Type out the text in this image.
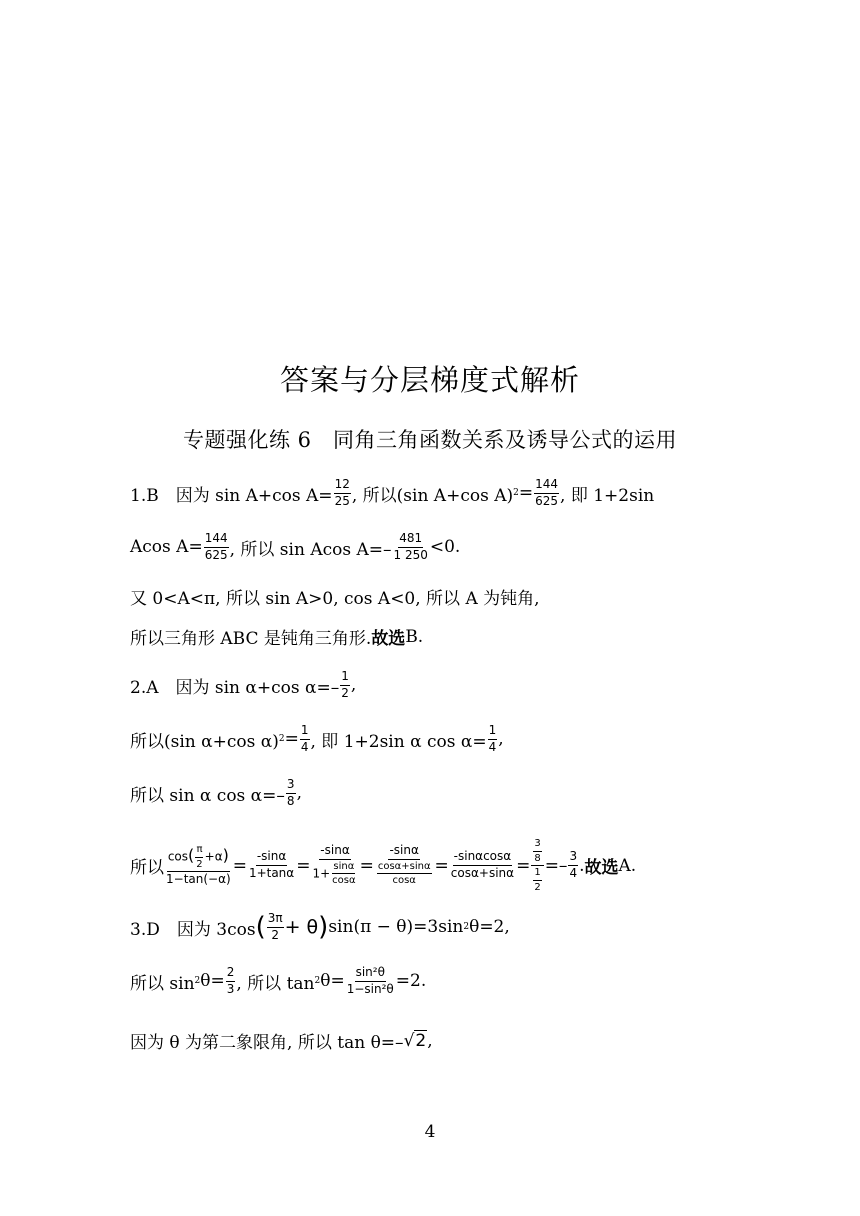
答案与分层梯度式解析
专题强化练 6　同角三角函数关系及诱导公式的运用
1.B　因为 sin A+cos $A= \frac{12}{25}$ , 所以(sin A+cos A) $2 = \frac{144}{625}$ , 即 1+2sin
Acos $A= \frac{144}{625}$ , 所以 sin Acos $A=- \frac{481}{1 250} <0$.
又 0<A<π, 所以 sin A>0, cos A<0, 所以 A 为钝角,
所以三角形 ABC 是钝角三角形. 故选 B.
2.A　因为 sin α+cos $\alpha=- \frac{1}{2}$ ,
所以(sin α+cos α) $2 = \frac{1}{4}$ , 即 1+2sin α $\cos \alpha= \frac{1}{4}$ ,
所以 sin α $\cos \alpha=- \frac{3}{8}$ ,
所以 $\frac{\cos( \frac{\pi}{2} +\alpha)}{1-\tan(-\alpha)} = \frac{-\sin\alpha}{1+\tan\alpha} = \frac{-\sin\alpha}{1+ \frac{\sin\alpha}{\cos\alpha}} = \frac{-\sin\alpha}{\frac{\cos\alpha+\sin\alpha}{\cos\alpha}} = \frac{-\sin\alpha\cos\alpha}{\cos\alpha+\sin\alpha} = \frac{\frac{3}{8}}{\frac{1}{2}} =- \frac{3}{4}$ . 故选 A.
3.D　因为 3cos ( $\frac{3\pi}{2} + \theta$ ) sin(π − θ)=3sin 2 θ=2,
所以 sin 2 $\theta= \frac{2}{3}$ , 所以 tan 2 $\theta= \frac{\text{sin²θ}}{\text{1−sin²θ}} =2$.
因为 θ 为第二象限角, 所以 tan θ=– √2 ,
4
